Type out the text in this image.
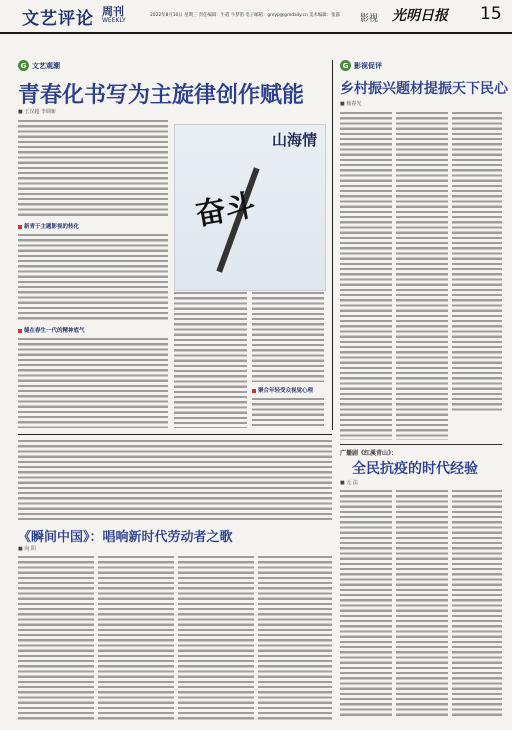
文艺评论 周刊
WEEKLY
2022年8月10日 星期三 责任编辑：牛霞 牛梦笛 电子邮箱：gmyp@gmdaily.cn 美术编辑：张露 影视 光明日报 15
G 文艺观潮
青春化书写为主旋律创作赋能
■ 王汉超 李调新
新青于主题影视的转化
缝在春生一代的精神底气
山海情
奋斗
聚合年轻受众视觉心理
G 影视促评
乡村振兴题材提振天下民心
■ 杨春光
广播剧《红溪青山》：
全民抗疫的时代经验
■ 元 法
《瞬间中国》：唱响新时代劳动者之歌
■ 向 阳
